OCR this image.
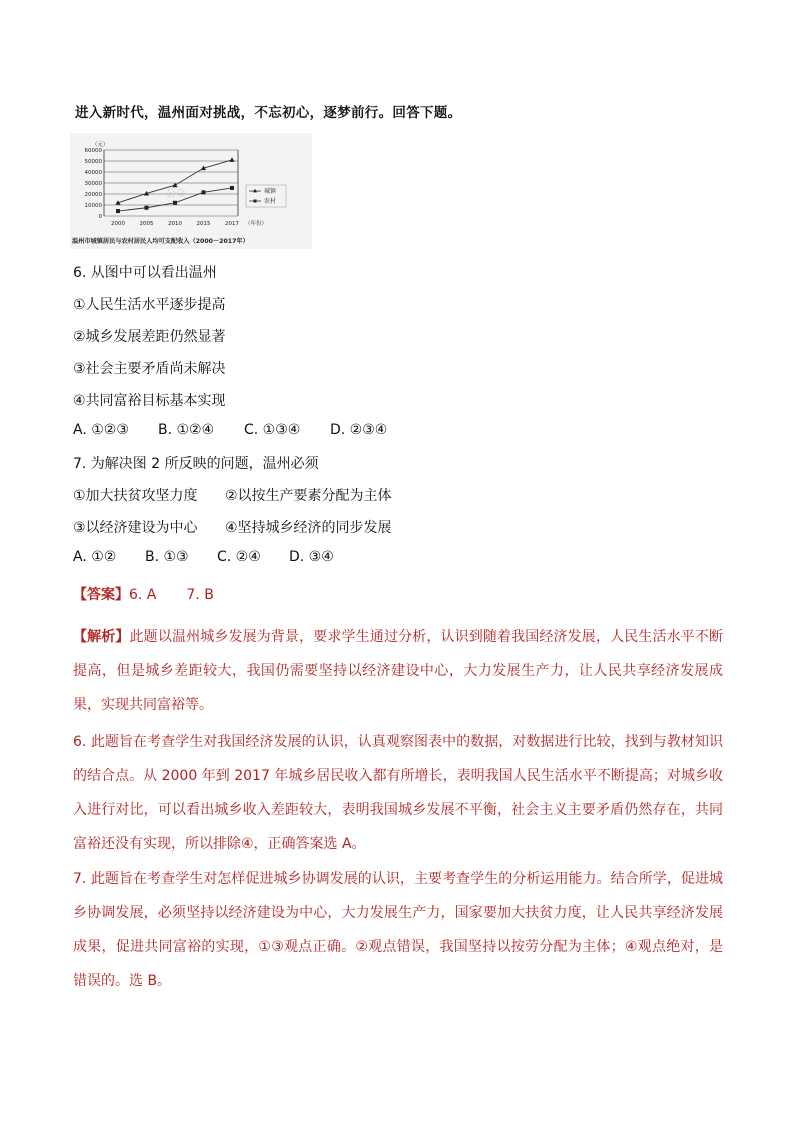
进入新时代，温州面对挑战，不忘初心，逐梦前行。回答下题。
公众
（元）
60000
50000
40000
30000
20000
10000
0
2000	2005	2010	2015	2017 （年份）
城镇
农村
温州市城镇居民与农村居民人均可支配收入（2000－2017年）
6. 从图中可以看出温州
①人民生活水平逐步提高
②城乡发展差距仍然显著
③社会主要矛盾尚未解决
④共同富裕目标基本实现
A. ①②③ B. ①②④ C. ①③④ D. ②③④
7. 为解决图 2 所反映的问题，温州必须
①加大扶贫攻坚力度 ②以按生产要素分配为主体
③以经济建设为中心 ④坚持城乡经济的同步发展
A. ①② B. ①③ C. ②④ D. ③④
【答案】6. A 7. B
【解析】此题以温州城乡发展为背景，要求学生通过分析，认识到随着我国经济发展，人民生活水平不断提高，但是城乡差距较大，我国仍需要坚持以经济建设中心，大力发展生产力，让人民共享经济发展成果，实现共同富裕等。
6. 此题旨在考查学生对我国经济发展的认识，认真观察图表中的数据，对数据进行比较，找到与教材知识的结合点。从 2000 年到 2017 年城乡居民收入都有所增长，表明我国人民生活水平不断提高；对城乡收入进行对比，可以看出城乡收入差距较大，表明我国城乡发展不平衡，社会主义主要矛盾仍然存在，共同富裕还没有实现，所以排除④，正确答案选 A。
7. 此题旨在考查学生对怎样促进城乡协调发展的认识，主要考查学生的分析运用能力。结合所学，促进城乡协调发展，必须坚持以经济建设为中心，大力发展生产力，国家要加大扶贫力度，让人民共享经济发展成果，促进共同富裕的实现，①③观点正确。②观点错误，我国坚持以按劳分配为主体；④观点绝对，是错误的。选 B。
